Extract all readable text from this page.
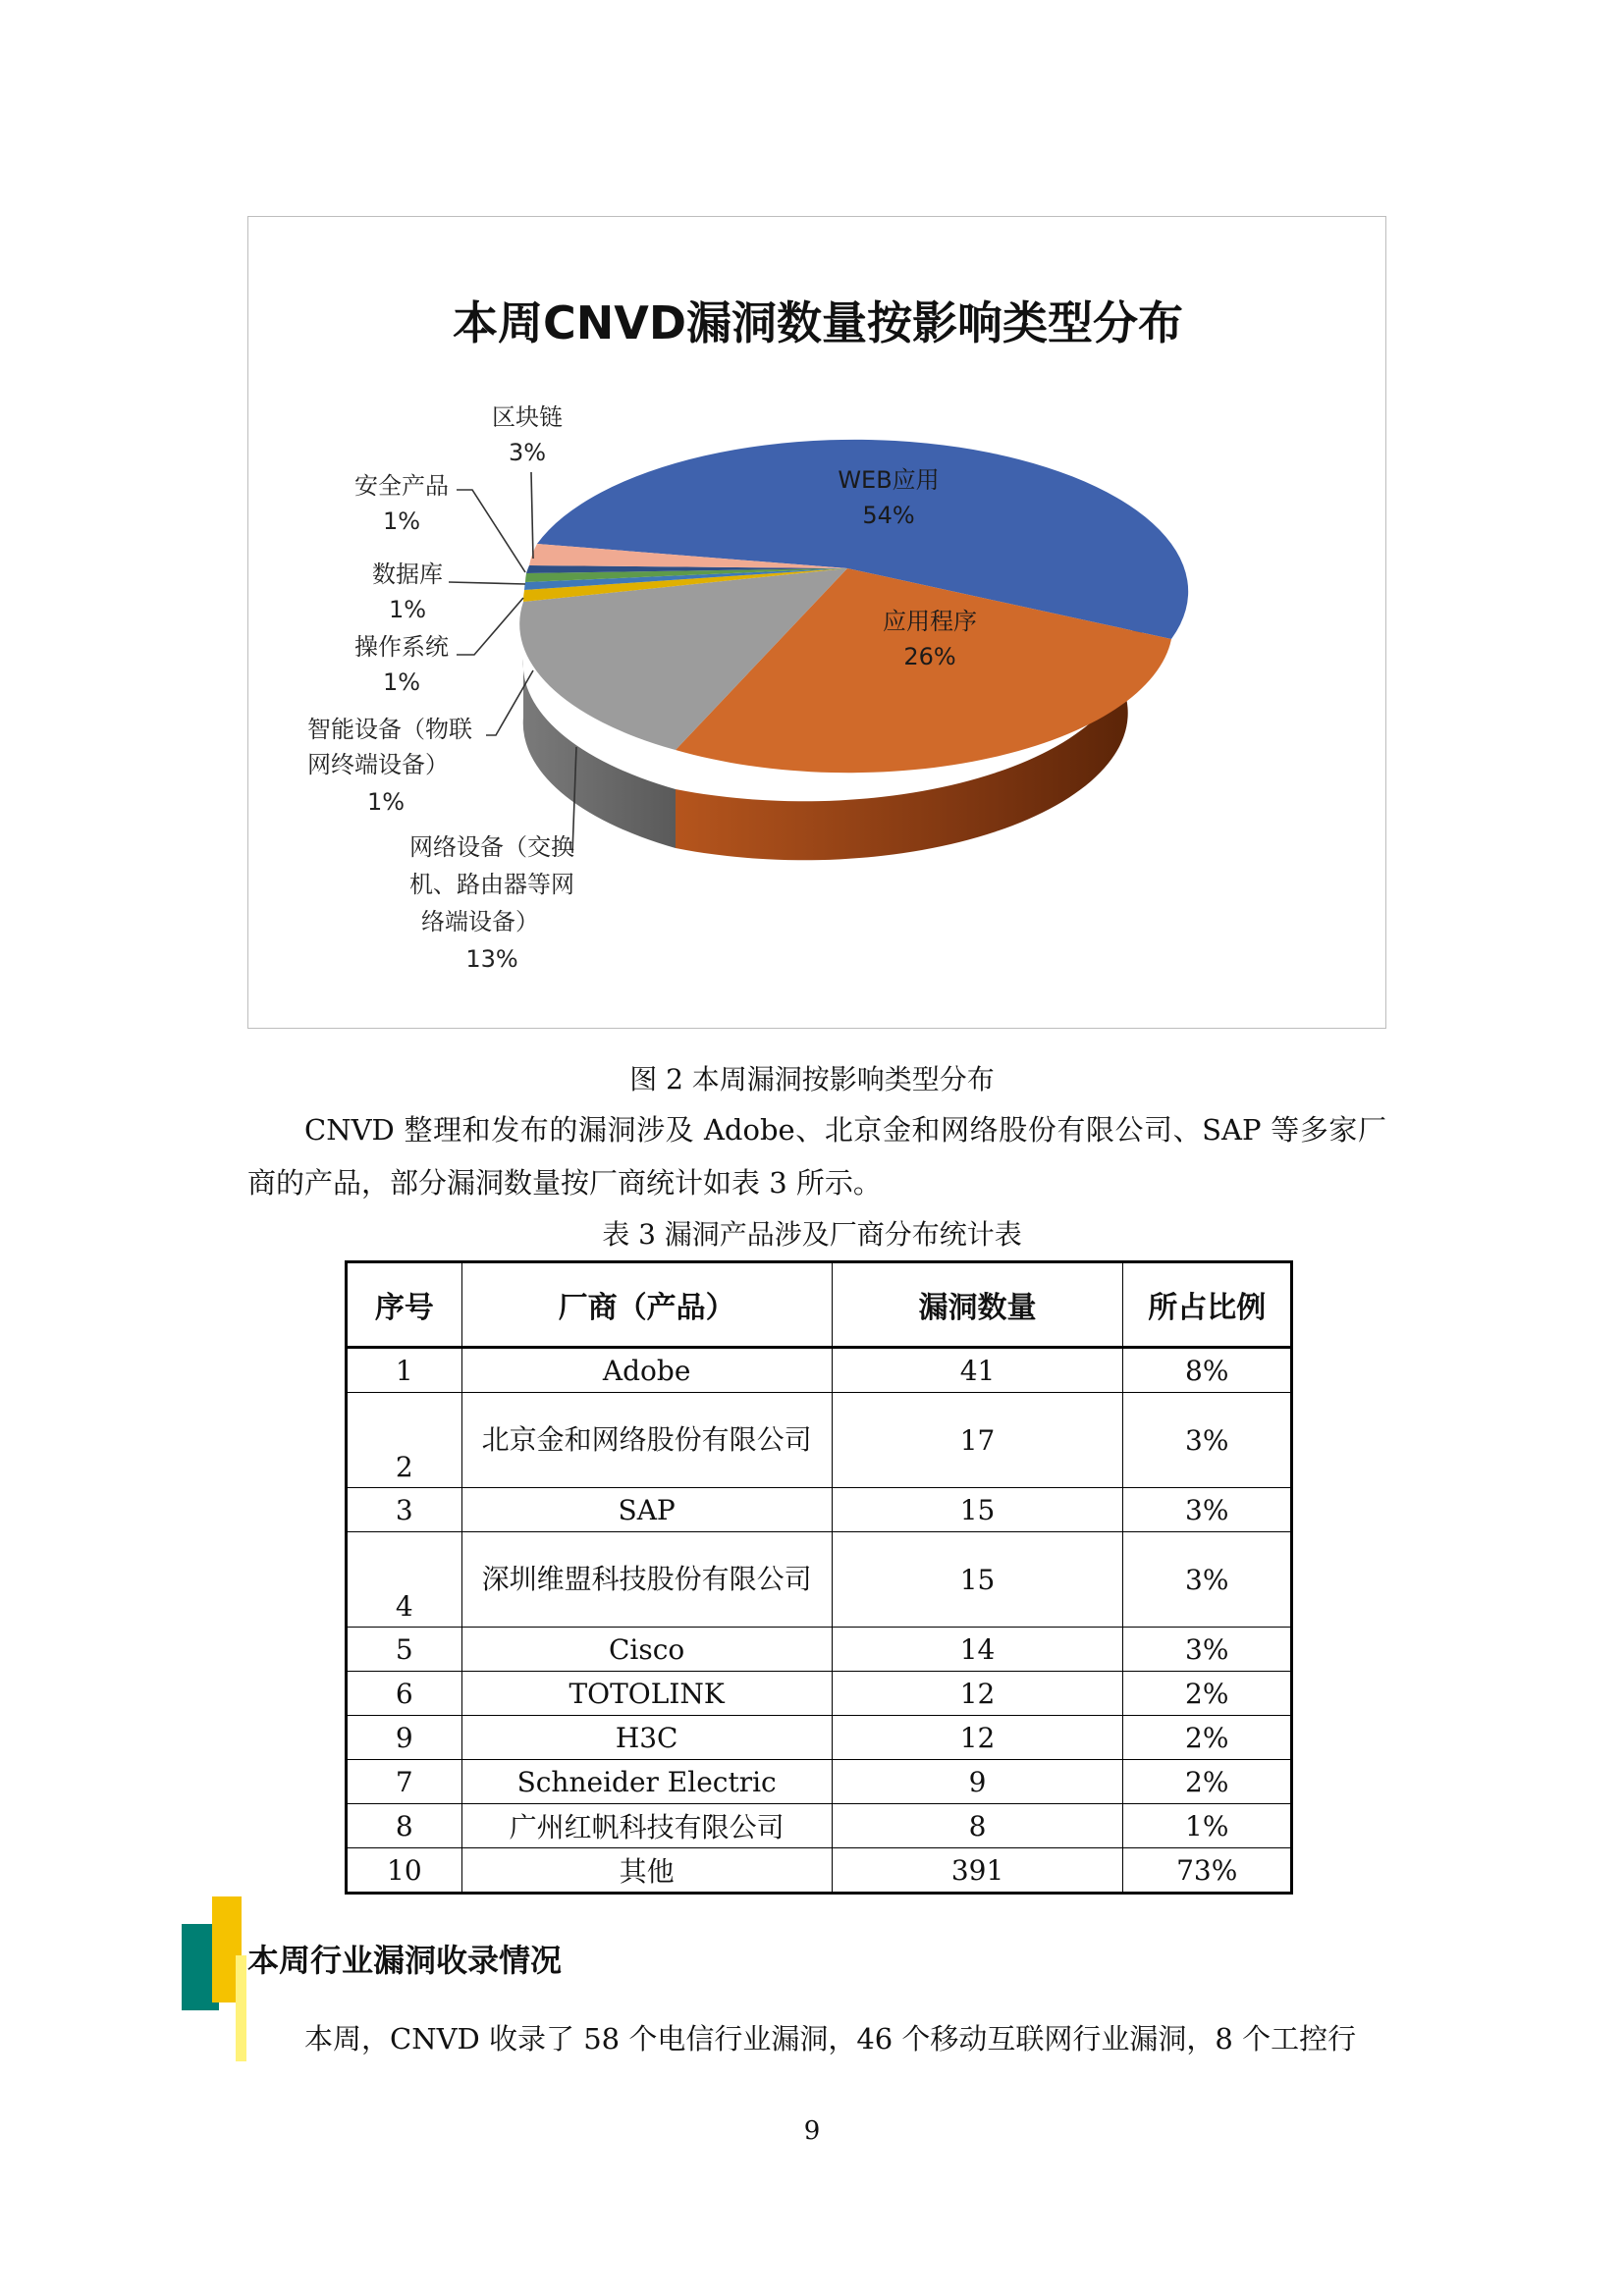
本周CNVD漏洞数量按影响类型分布
WEB应用
54%
应用程序
26%
区块链
3%
安全产品
1%
数据库
1%
操作系统
1%
智能设备（物联
网终端设备）
1%
网络设备（交换
机、路由器等网
络端设备）
13%
图 2 本周漏洞按影响类型分布

CNVD 整理和发布的漏洞涉及 Adobe、北京金和网络股份有限公司、SAP 等多家厂商的产品，部分漏洞数量按厂商统计如表 3 所示。

表 3 漏洞产品涉及厂商分布统计表
序号	厂商（产品）	漏洞数量	所占比例
1	Adobe	41	8%
2	北京金和网络股份有限公司	17	3%
3	SAP	15	3%
4	深圳维盟科技股份有限公司	15	3%
5	Cisco	14	3%
6	TOTOLINK	12	2%
9	H3C	12	2%
7	Schneider Electric	9	2%
8	广州红帆科技有限公司	8	1%
10	其他	391	73%
本周行业漏洞收录情况

本周，CNVD 收录了 58 个电信行业漏洞，46 个移动互联网行业漏洞，8 个工控行

9
